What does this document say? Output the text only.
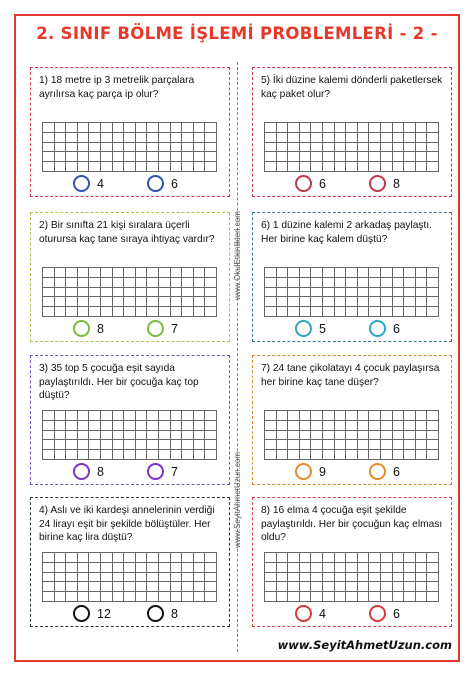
2. SINIF BÖLME İŞLEMİ PROBLEMLERİ - 2 -
www.OkulEtkinlikleri.com
www.SeyitAhmetUzun.com
1) 18 metre ip 3 metrelik parçalara ayrılırsa kaç parça ip olur?
4	6
2) Bir sınıfta 21 kişi sıralara üçerli oturursa kaç tane sıraya ihtiyaç vardır?
8	7
3) 35 top 5 çocuğa eşit sayıda paylaştırıldı. Her bir çocuğa kaç top düştü?
8	7
4) Aslı ve iki kardeşi annelerinin verdiği 24 lirayı eşit bir şekilde bölüştüler. Her birine kaç lira düştü?
12	8
5) İki düzine kalemi dönderli paketlersek kaç paket olur?
6	8
6) 1 düzine kalemi 2 arkadaş paylaştı. Her birine kaç kalem düştü?
5	6
7) 24 tane çikolatayı 4 çocuk paylaşırsa her birine kaç tane düşer?
9	6
8) 16 elma 4 çocuğa eşit şekilde paylaştırıldı. Her bir çocuğun kaç elması oldu?
4	6
www.SeyitAhmetUzun.com
